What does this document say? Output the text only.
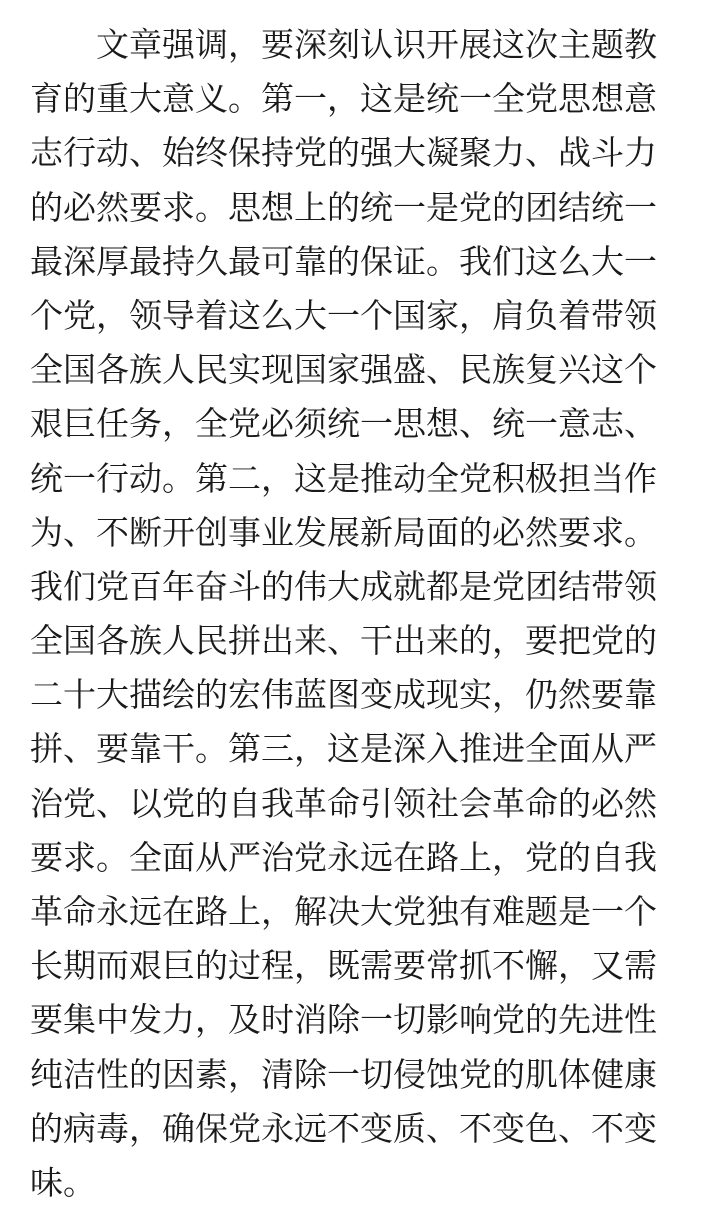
文章强调，要深刻认识开展这次主题教
育的重大意义。第一，这是统一全党思想意
志行动、始终保持党的强大凝聚力、战斗力
的必然要求。思想上的统一是党的团结统一
最深厚最持久最可靠的保证。我们这么大一
个党，领导着这么大一个国家，肩负着带领
全国各族人民实现国家强盛、民族复兴这个
艰巨任务，全党必须统一思想、统一意志、
统一行动。第二，这是推动全党积极担当作
为、不断开创事业发展新局面的必然要求。
我们党百年奋斗的伟大成就都是党团结带领
全国各族人民拼出来、干出来的，要把党的
二十大描绘的宏伟蓝图变成现实，仍然要靠
拼、要靠干。第三，这是深入推进全面从严
治党、以党的自我革命引领社会革命的必然
要求。全面从严治党永远在路上，党的自我
革命永远在路上，解决大党独有难题是一个
长期而艰巨的过程，既需要常抓不懈，又需
要集中发力，及时消除一切影响党的先进性
纯洁性的因素，清除一切侵蚀党的肌体健康
的病毒，确保党永远不变质、不变色、不变
味。
